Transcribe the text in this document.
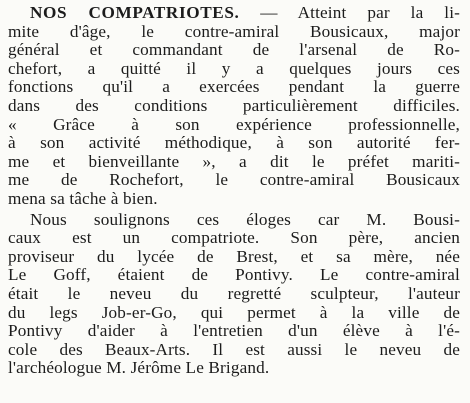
NOS COMPATRIOTES. — Atteint par la li-
mite d'âge, le contre-amiral Bousicaux, major
général et commandant de l'arsenal de Ro-
chefort, a quitté il y a quelques jours ces
fonctions qu'il a exercées pendant la guerre
dans des conditions particulièrement difficiles.
« Grâce à son expérience professionnelle,
à son activité méthodique, à son autorité fer-
me et bienveillante », a dit le préfet mariti-
me de Rochefort, le contre-amiral Bousicaux
mena sa tâche à bien.
Nous soulignons ces éloges car M. Bousi-
caux est un compatriote. Son père, ancien
proviseur du lycée de Brest, et sa mère, née
Le Goff, étaient de Pontivy. Le contre-amiral
était le neveu du regretté sculpteur, l'auteur
du legs Job-er-Go, qui permet à la ville de
Pontivy d'aider à l'entretien d'un élève à l'é-
cole des Beaux-Arts. Il est aussi le neveu de
l'archéologue M. Jérôme Le Brigand.
